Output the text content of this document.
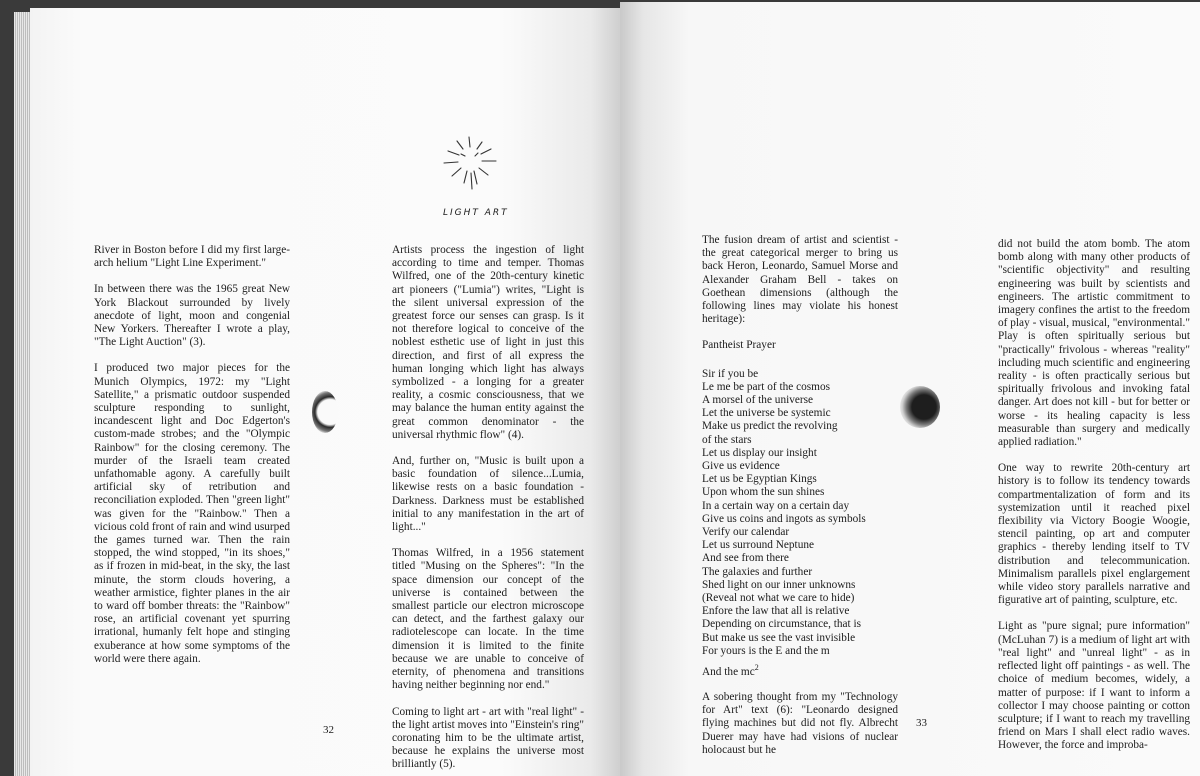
LIGHT ART

River in Boston before I did my first large-arch helium "Light Line Experiment."

In between there was the 1965 great New York Blackout surrounded by lively anecdote of light, moon and congenial New Yorkers. Thereafter I wrote a play, "The Light Auction" (3).

I produced two major pieces for the Munich Olympics, 1972: my "Light Satellite," a prismatic outdoor suspended sculpture responding to sunlight, incandescent light and Doc Edgerton's custom-made strobes; and the "Olympic Rainbow" for the closing ceremony. The murder of the Israeli team created unfathomable agony. A carefully built artificial sky of retribution and reconciliation exploded. Then "green light" was given for the "Rainbow." Then a vicious cold front of rain and wind usurped the games turned war. Then the rain stopped, the wind stopped, "in its shoes," as if frozen in mid-beat, in the sky, the last minute, the storm clouds hovering, a weather armistice, fighter planes in the air to ward off bomber threats: the "Rainbow" rose, an artificial covenant yet spurring irrational, humanly felt hope and stinging exuberance at how some symptoms of the world were there again.

Artists process the ingestion of light according to time and temper. Thomas Wilfred, one of the 20th-century kinetic art pioneers ("Lumia") writes, "Light is the silent universal expression of the greatest force our senses can grasp. Is it not therefore logical to conceive of the noblest esthetic use of light in just this direction, and first of all express the human longing which light has always symbolized - a longing for a greater reality, a cosmic consciousness, that we may balance the human entity against the great common denominator - the universal rhythmic flow" (4).

And, further on, "Music is built upon a basic foundation of silence...Lumia, likewise rests on a basic foundation - Darkness. Darkness must be established initial to any manifestation in the art of light..."

Thomas Wilfred, in a 1956 statement titled "Musing on the Spheres": "In the space dimension our concept of the universe is contained between the smallest particle our electron microscope can detect, and the farthest galaxy our radiotelescope can locate. In the time dimension it is limited to the finite because we are unable to conceive of eternity, of phenomena and transitions having neither beginning nor end."

Coming to light art - art with "real light" - the light artist moves into "Einstein's ring" coronating him to be the ultimate artist, because he explains the universe most brilliantly (5).

32

The fusion dream of artist and scientist - the great categorical merger to bring us back Heron, Leonardo, Samuel Morse and Alexander Graham Bell - takes on Goethean dimensions (although the following lines may violate his honest heritage):

Pantheist Prayer

Sir if you be
Le me be part of the cosmos
A morsel of the universe
Let the universe be systemic
Make us predict the revolving
of the stars
Let us display our insight
Give us evidence
Let us be Egyptian Kings
Upon whom the sun shines
In a certain way on a certain day
Give us coins and ingots as symbols
Verify our calendar
Let us surround Neptune
And see from there
The galaxies and further
Shed light on our inner unknowns
(Reveal not what we care to hide)
Enfore the law that all is relative
Depending on circumstance, that is
But make us see the vast invisible
For yours is the E and the m
And the $mc^2$

A sobering thought from my "Technology for Art" text (6): "Leonardo designed flying machines but did not fly. Albrecht Duerer may have had visions of nuclear holocaust but he

did not build the atom bomb. The atom bomb along with many other products of "scientific objectivity" and resulting engineering was built by scientists and engineers. The artistic commitment to imagery confines the artist to the freedom of play - visual, musical, "environmental." Play is often spiritually serious but "practically" frivolous - whereas "reality" including much scientific and engineering reality - is often practically serious but spiritually frivolous and invoking fatal danger. Art does not kill - but for better or worse - its healing capacity is less measurable than surgery and medically applied radiation."

One way to rewrite 20th-century art history is to follow its tendency towards compartmentalization of form and its systemization until it reached pixel flexibility via Victory Boogie Woogie, stencil painting, op art and computer graphics - thereby lending itself to TV distribution and telecommunication. Minimalism parallels pixel englargement while video story parallels narrative and figurative art of painting, sculpture, etc.

Light as "pure signal; pure information" (McLuhan 7) is a medium of light art with "real light" and "unreal light" - as in reflected light off paintings - as well. The choice of medium becomes, widely, a matter of purpose: if I want to inform a collector I may choose painting or cotton sculpture; if I want to reach my travelling friend on Mars I shall elect radio waves. However, the force and improba-

33
